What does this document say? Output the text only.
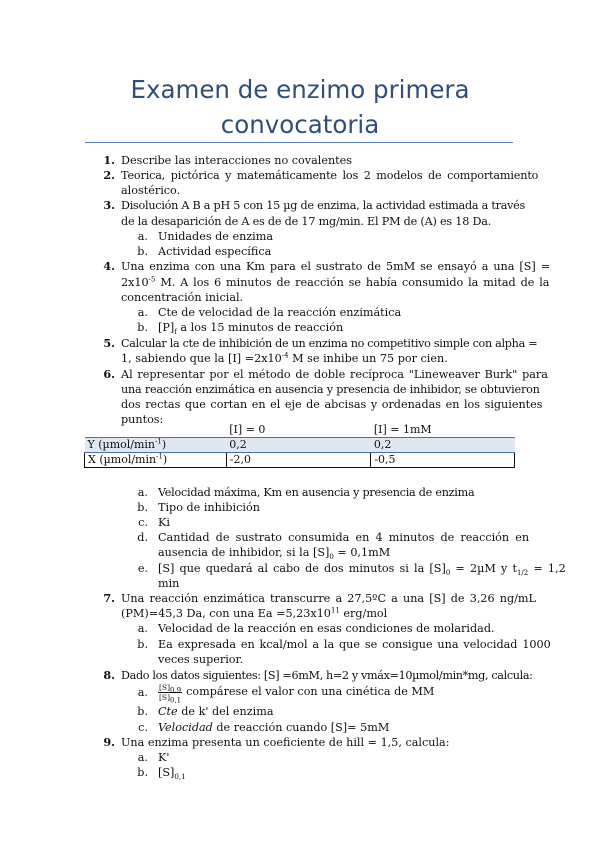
Examen de enzimo primera
convocatoria
1. Describe las interacciones no covalentes
2. Teorica, pictórica y matemáticamente los 2 modelos de comportamiento
alostérico.
3. Disolución A B a pH 5 con 15 µg de enzima, la actividad estimada a través
de la desaparición de A es de de 17 mg/min. El PM de (A) es 18 Da.
a. Unidades de enzima
b. Actividad específica
4. Una enzima con una Km para el sustrato de 5mM se ensayó a una [S] =
$2x10^{-5}$ M. A los 6 minutos de reacción se había consumido la mitad de la
concentración inicial.
a. Cte de velocidad de la reacción enzimática
b. $[P]_f$ a los 15 minutos de reacción
5. Calcular la cte de inhibición de un enzima no competitivo simple con alpha =
1, sabiendo que la $[I] =2x10^{-4}$ M se inhibe un 75 por cien.
6. Al representar por el método de doble recíproca "Lineweaver Burk" para
una reacción enzimática en ausencia y presencia de inhibidor, se obtuvieron
dos rectas que cortan en el eje de abcisas y ordenadas en los siguientes
puntos:
	[I] = 0	[I] = 1mM
Y $(\mu mol/\min^{-1})$	0,2	0,2
X $(\mu mol/\min^{-1})$	-2,0	-0,5
a. Velocidad máxima, Km en ausencia y presencia de enzima
b. Tipo de inhibición
c. Ki
d. Cantidad de sustrato consumida en 4 minutos de reacción en
ausencia de inhibidor, si la $[S]_0 = 0,1mM$
e. [S] que quedará al cabo de dos minutos si la $[S]_0 = 2\mu M$ y $t_{1/2} = 1,2$
min
7. Una reacción enzimática transcurre a 27,5ºC a una [S] de 3,26 ng/mL
(PM)=45,3 Da, con una $Ea =5,23x10^{11}$ erg/mol
a. Velocidad de la reacción en esas condiciones de molaridad.
b. Ea expresada en kcal/mol a la que se consigue una velocidad 1000
veces superior.
8. Dado los datos siguientes: [S] =6mM, h=2 y vmáx=10µmol/min*mg, calcula:
a. $\frac{[S]_{0,9}}{[S]_{0,1}}$ compárese el valor con una cinética de MM
b. Cte de k' del enzima
c. Velocidad de reacción cuando [S]= 5mM
9. Una enzima presenta un coeficiente de hill = 1,5, calcula:
a. K'
b. $[S]_{0,1}$
